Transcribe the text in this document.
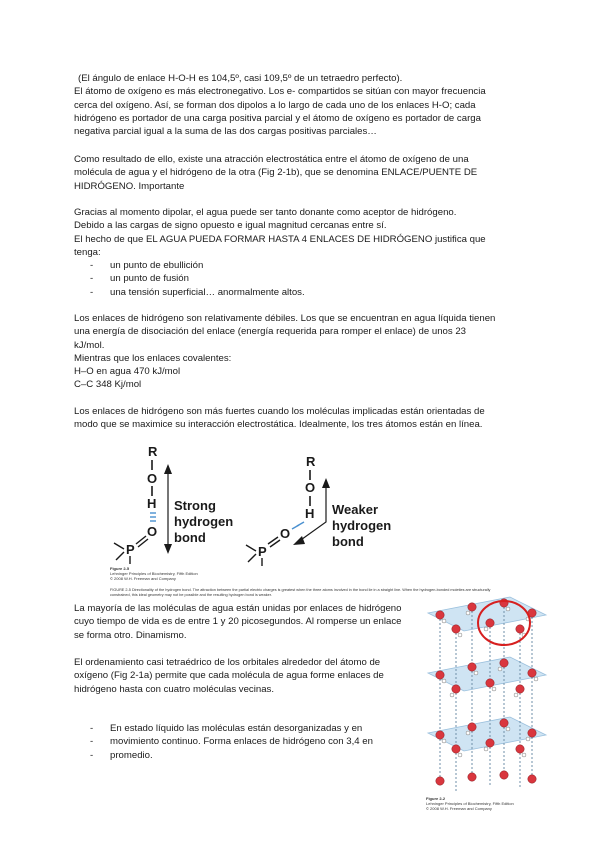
(El ángulo de enlace H-O-H es 104,5º, casi 109,5º de un tetraedro perfecto).
El átomo de oxígeno es más electronegativo. Los e- compartidos se sitúan con mayor frecuencia
cerca del oxígeno. Así, se forman dos dipolos a lo largo de cada uno de los enlaces H-O; cada
hidrógeno es portador de una carga positiva parcial y el átomo de oxígeno es portador de carga
negativa parcial igual a la suma de las dos cargas positivas parciales…
Como resultado de ello, existe una atracción electrostática entre el átomo de oxígeno de una
molécula de agua y el hidrógeno de la otra (Fig 2-1b), que se denomina ENLACE/PUENTE DE
HIDRÓGENO. Importante
Gracias al momento dipolar, el agua puede ser tanto donante como aceptor de hidrógeno.
Debido a las cargas de signo opuesto e igual magnitud cercanas entre sí.
El hecho de que EL AGUA PUEDA FORMAR HASTA 4 ENLACES DE HIDRÓGENO justifica que
tenga:
- un punto de ebullición
- un punto de fusión
- una tensión superficial… anormalmente altos.
Los enlaces de hidrógeno son relativamente débiles. Los que se encuentran en agua líquida tienen
una energía de disociación del enlace (energía requerida para romper el enlace) de unos 23
kJ/mol.
Mientras que los enlaces covalentes:
H–O en agua 470 kJ/mol
C–C 348 Kj/mol
Los enlaces de hidrógeno son más fuertes cuando los moléculas implicadas están orientadas de
modo que se maximice su interacción electrostática. Idealmente, los tres átomos están en línea.
R
O
H
O
P
Strong
hydrogen
bond
R
O
H
O
P
Weaker
hydrogen
bond
Figure 2-5
Lehninger Principles of Biochemistry, Fifth Edition
© 2008 W.H. Freeman and Company
FIGURE 2-5 Directionality of the hydrogen bond. The attraction between the partial electric charges is greatest when the three atoms involved in the bond lie in a straight line. When the hydrogen-bonded moieties are structurally constrained, this ideal geometry may not be possible and the resulting hydrogen bond is weaker.
La mayoría de las moléculas de agua están unidas por enlaces de hidrógeno
cuyo tiempo de vida es de entre 1 y 20 picosegundos. Al romperse un enlace
se forma otro. Dinamismo.
El ordenamiento casi tetraédrico de los orbitales alrededor del átomo de
oxígeno (Fig 2-1a) permite que cada molécula de agua forme enlaces de
hidrógeno hasta con cuatro moléculas vecinas.
- En estado líquido las moléculas están desorganizadas y en
- movimiento continuo. Forma enlaces de hidrógeno con 3,4 en
- promedio.
Figure 2-2
Lehninger Principles of Biochemistry, Fifth Edition
© 2008 W.H. Freeman and Company
